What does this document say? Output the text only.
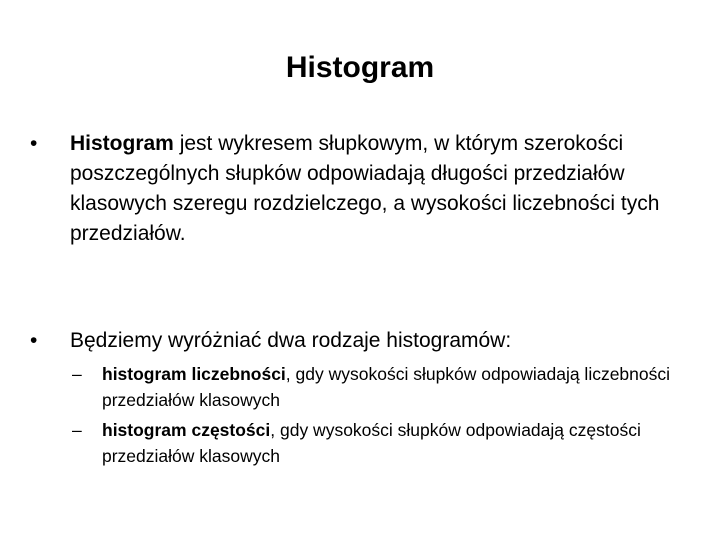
Histogram
• Histogram jest wykresem słupkowym, w którym szerokości poszczególnych słupków odpowiadają długości przedziałów klasowych szeregu rozdzielczego, a wysokości liczebności tych przedziałów.
• Będziemy wyróżniać dwa rodzaje histogramów:
– histogram liczebności, gdy wysokości słupków odpowiadają liczebności przedziałów klasowych
– histogram częstości, gdy wysokości słupków odpowiadają częstości przedziałów klasowych
